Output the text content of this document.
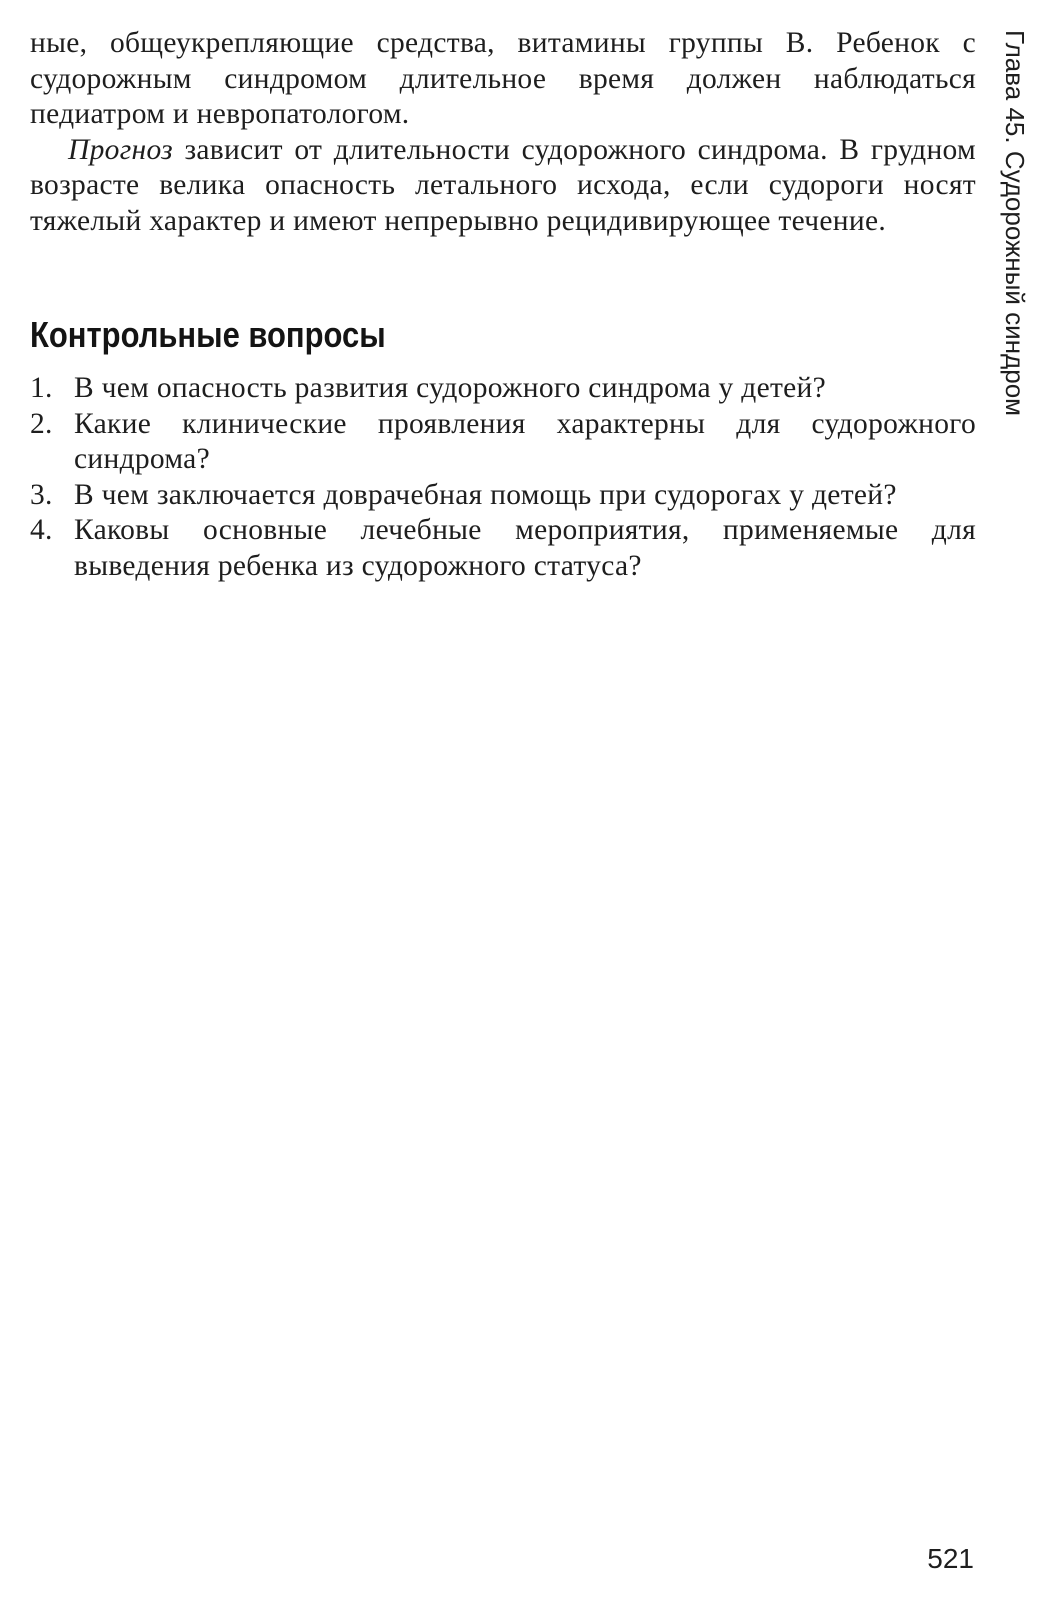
ные, общеукрепляющие средства, витамины группы В. Ребенок с судорожным синдромом длительное время должен наблюдаться педиатром и невропатологом.

Прогноз зависит от длительности судорожного синдрома. В грудном возрасте велика опасность летального исхода, если судороги носят тяжелый характер и имеют непрерывно рецидивирующее течение.

Контрольные вопросы
1. В чем опасность развития судорожного синдрома у детей?
2. Какие клинические проявления характерны для судорожного синдрома?
3. В чем заключается доврачебная помощь при судорогах у детей?
4. Каковы основные лечебные мероприятия, применяемые для выведения ребенка из судорожного статуса?
Глава 45. Судорожный синдром
521
